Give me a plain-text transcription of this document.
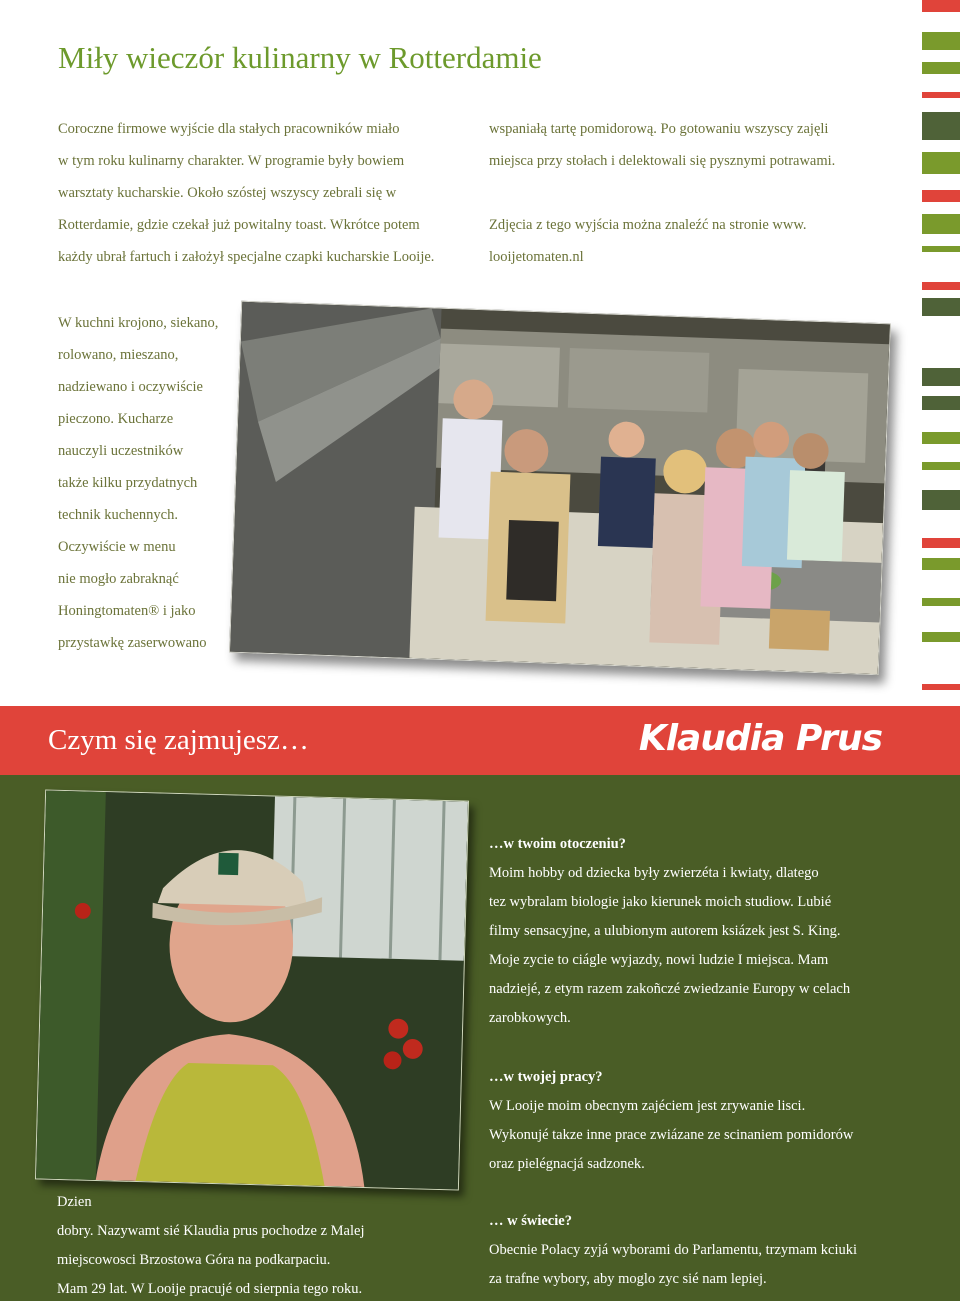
Miły wieczór kulinarny w Rotterdamie

Coroczne firmowe wyjście dla stałych pracowników miało

w tym roku kulinarny charakter. W programie były bowiem

warsztaty kucharskie. Około szóstej wszyscy zebrali się w

Rotterdamie, gdzie czekał już powitalny toast. Wkrótce potem

każdy ubrał fartuch i założył specjalne czapki kucharskie Looije.

wspaniałą tartę pomidorową. Po gotowaniu wszyscy zajęli

miejsca przy stołach i delektowali się pysznymi potrawami.

Zdjęcia z tego wyjścia można znaleźć na stronie www.

looijetomaten.nl

W kuchni krojono, siekano,

rolowano, mieszano,

nadziewano i oczywiście

pieczono. Kucharze

nauczyli uczestników

także kilku przydatnych

technik kuchennych.

Oczywiście w menu

nie mogło zabraknąć

Honingtomaten® i jako

przystawkę zaserwowano

Czym się zajmujesz…	Klaudia Prus
…w twoim otoczeniu?
Moim hobby od dziecka były zwierzéta i kwiaty, dlatego
tez wybralam biologie jako kierunek moich studiow. Lubié
filmy sensacyjne, a ulubionym autorem ksiázek jest S. King.
Moje zycie to ciágle wyjazdy, nowi ludzie I miejsca. Mam
nadziejé, z etym razem zakoñczé zwiedzanie Europy w celach
zarobkowych.
…w twojej pracy?
W Looije moim obecnym zajéciem jest zrywanie lisci.
Wykonujé takze inne prace zwiázane ze scinaniem pomidorów
oraz pielégnacjá sadzonek.
… w świecie?
Obecnie Polacy zyjá wyborami do Parlamentu, trzymam kciuki
za trafne wybory, aby moglo zyc sié nam lepiej.
Dzien
dobry. Nazywamt sié Klaudia prus pochodze z Malej
miejscowosci Brzostowa Góra na podkarpaciu.
Mam 29 lat. W Looije pracujé od sierpnia tego roku.
